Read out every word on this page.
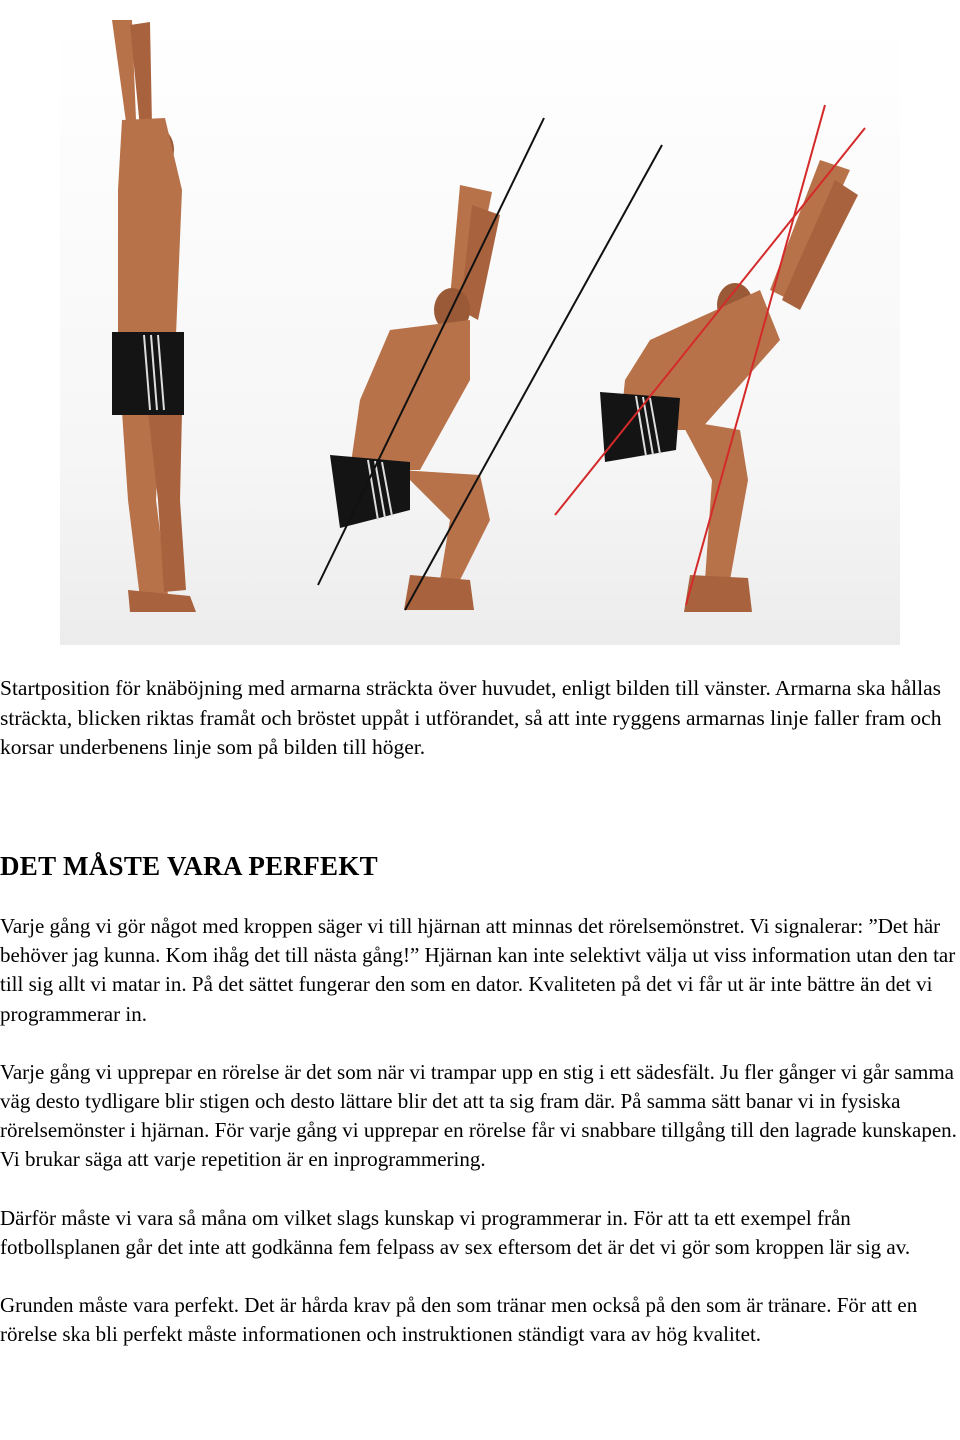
Startposition för knäböjning med armarna sträckta över huvudet, enligt bilden till vänster. Armarna ska hållas sträckta, blicken riktas framåt och bröstet uppåt i utförandet, så att inte ryggens armarnas linje faller fram och korsar underbenens linje som på bilden till höger.

DET MÅSTE VARA PERFEKT

Varje gång vi gör något med kroppen säger vi till hjärnan att minnas det rörelsemönstret. Vi signalerar: ”Det här behöver jag kunna. Kom ihåg det till nästa gång!” Hjärnan kan inte selektivt välja ut viss information utan den tar till sig allt vi matar in. På det sättet fungerar den som en dator. Kvaliteten på det vi får ut är inte bättre än det vi programmerar in.

Varje gång vi upprepar en rörelse är det som när vi trampar upp en stig i ett sädesfält. Ju fler gånger vi går samma väg desto tydligare blir stigen och desto lättare blir det att ta sig fram där. På samma sätt banar vi in fysiska rörelsemönster i hjärnan. För varje gång vi upprepar en rörelse får vi snabbare tillgång till den lagrade kunskapen. Vi brukar säga att varje repetition är en inprogrammering.

Därför måste vi vara så måna om vilket slags kunskap vi programmerar in. För att ta ett exempel från fotbollsplanen går det inte att godkänna fem felpass av sex eftersom det är det vi gör som kroppen lär sig av.

Grunden måste vara perfekt. Det är hårda krav på den som tränar men också på den som är tränare. För att en rörelse ska bli perfekt måste informationen och instruktionen ständigt vara av hög kvalitet.
